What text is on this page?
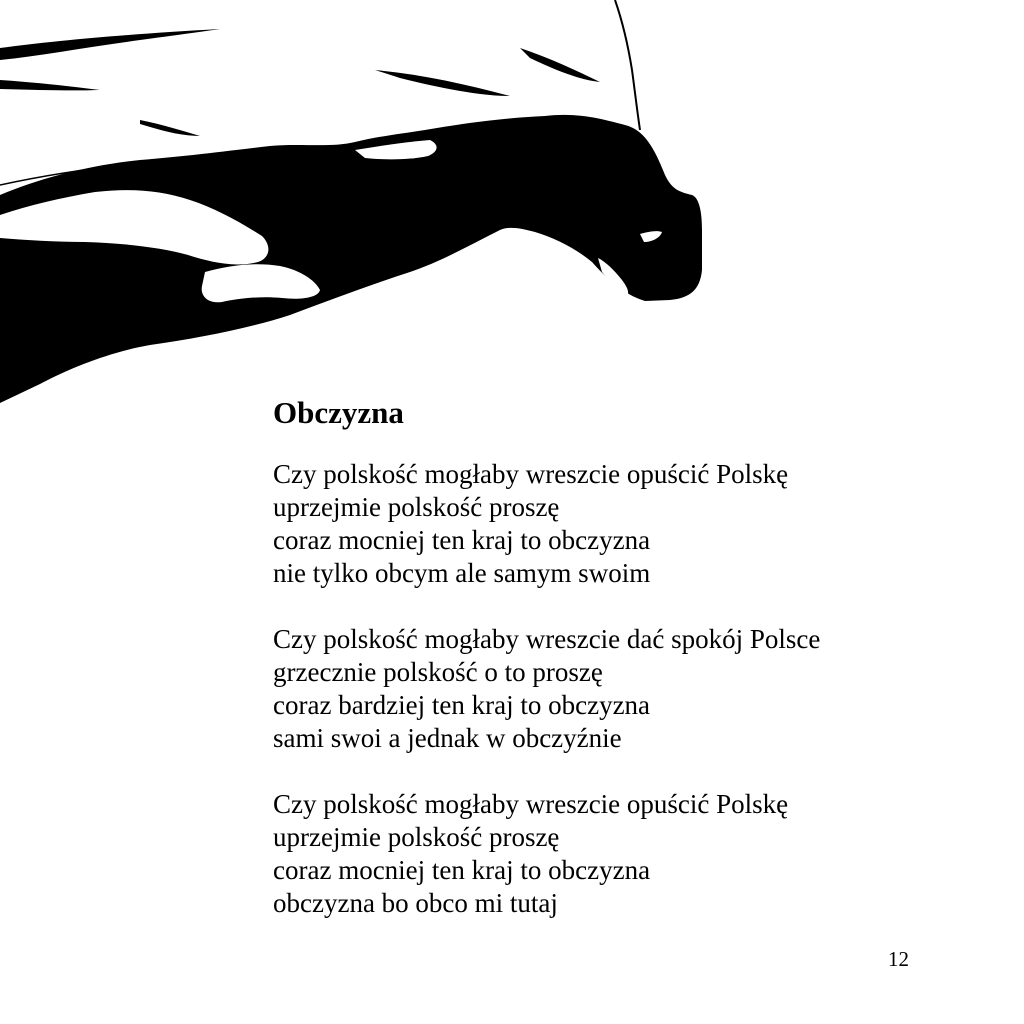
Obczyzna
Czy polskość mogłaby wreszcie opuścić Polskę
uprzejmie polskość proszę
coraz mocniej ten kraj to obczyzna
nie tylko obcym ale samym swoim
Czy polskość mogłaby wreszcie dać spokój Polsce
grzecznie polskość o to proszę
coraz bardziej ten kraj to obczyzna
sami swoi a jednak w obczyźnie
Czy polskość mogłaby wreszcie opuścić Polskę
uprzejmie polskość proszę
coraz mocniej ten kraj to obczyzna
obczyzna bo obco mi tutaj
12
